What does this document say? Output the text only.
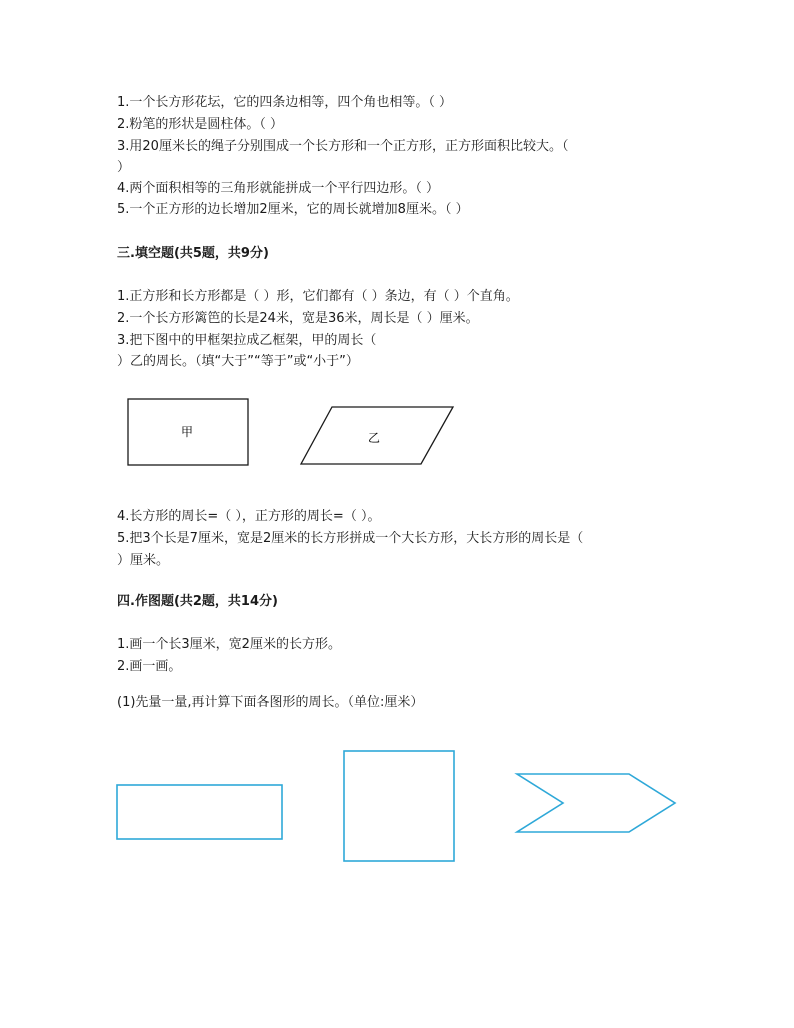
1.一个长方形花坛，它的四条边相等，四个角也相等。（ ）
2.粉笔的形状是圆柱体。（ ）
3.用20厘米长的绳子分别围成一个长方形和一个正方形，正方形面积比较大。（
）
4.两个面积相等的三角形就能拼成一个平行四边形。（ ）
5.一个正方形的边长增加2厘米，它的周长就增加8厘米。（ ）
三.填空题(共5题，共9分)
1.正方形和长方形都是（ ）形，它们都有（ ）条边，有（ ）个直角。
2.一个长方形篱笆的长是24米，宽是36米，周长是（ ）厘米。
3.把下图中的甲框架拉成乙框架，甲的周长（
）乙的周长。（填“大于”“等于”或“小于”）
甲	乙
4.长方形的周长=（ ），正方形的周长=（ ）。
5.把3个长是7厘米，宽是2厘米的长方形拼成一个大长方形，大长方形的周长是（
）厘米。
四.作图题(共2题，共14分)
1.画一个长3厘米，宽2厘米的长方形。
2.画一画。
(1)先量一量,再计算下面各图形的周长。（单位:厘米）
